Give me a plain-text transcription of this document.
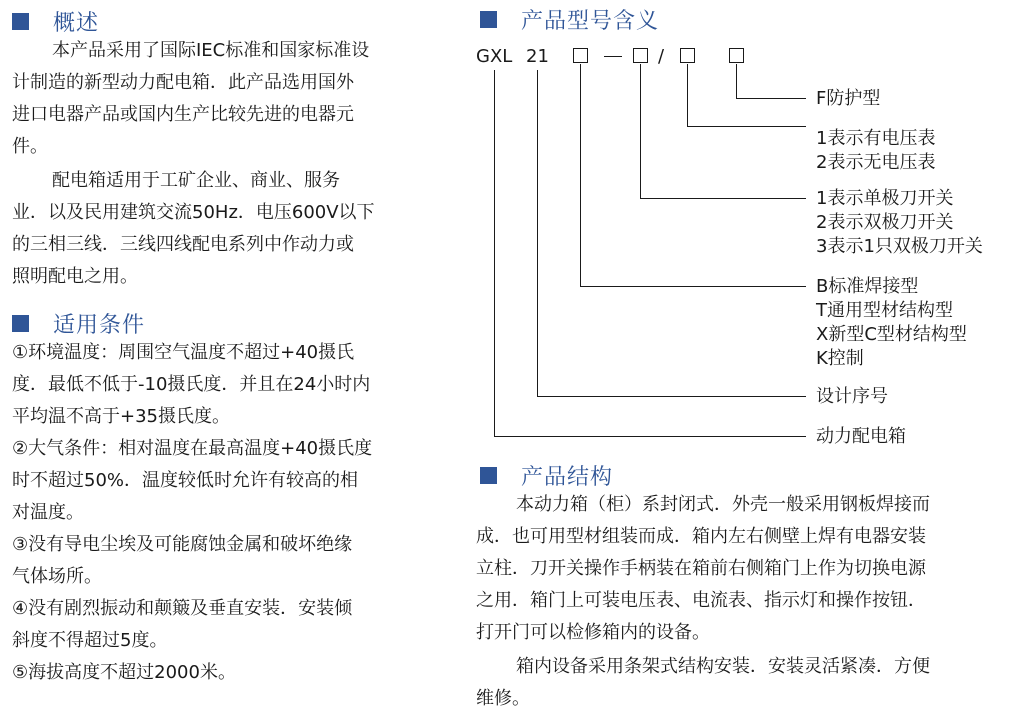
概述
本产品采用了国际IEC标准和国家标准设
计制造的新型动力配电箱．此产品选用国外
进口电器产品或国内生产比较先进的电器元
件。
配电箱适用于工矿企业、商业、服务
业．以及民用建筑交流50Hz．电压600V以下
的三相三线．三线四线配电系列中作动力或
照明配电之用。
适用条件
①环境温度：周围空气温度不超过+40摄氏
度．最低不低于-10摄氏度．并且在24小时内
平均温不高于+35摄氏度。
②大气条件：相对温度在最高温度+40摄氏度
时不超过50%．温度较低时允许有较高的相
对温度。
③没有导电尘埃及可能腐蚀金属和破坏绝缘
气体场所。
④没有剧烈振动和颠簸及垂直安装．安装倾
斜度不得超过5度。
⑤海拔高度不超过2000米。
产品型号含义
GXL 21	/
F防护型
1表示有电压表
2表示无电压表
1表示单极刀开关
2表示双极刀开关
3表示1只双极刀开关
B标准焊接型
T通用型材结构型
X新型C型材结构型
K控制
设计序号
动力配电箱
产品结构
本动力箱（柜）系封闭式．外壳一般采用钢板焊接而
成．也可用型材组装而成．箱内左右侧壁上焊有电器安装
立柱．刀开关操作手柄装在箱前右侧箱门上作为切换电源
之用．箱门上可装电压表、电流表、指示灯和操作按钮．
打开门可以检修箱内的设备。
箱内设备采用条架式结构安装．安装灵活紧凑．方便
维修。
